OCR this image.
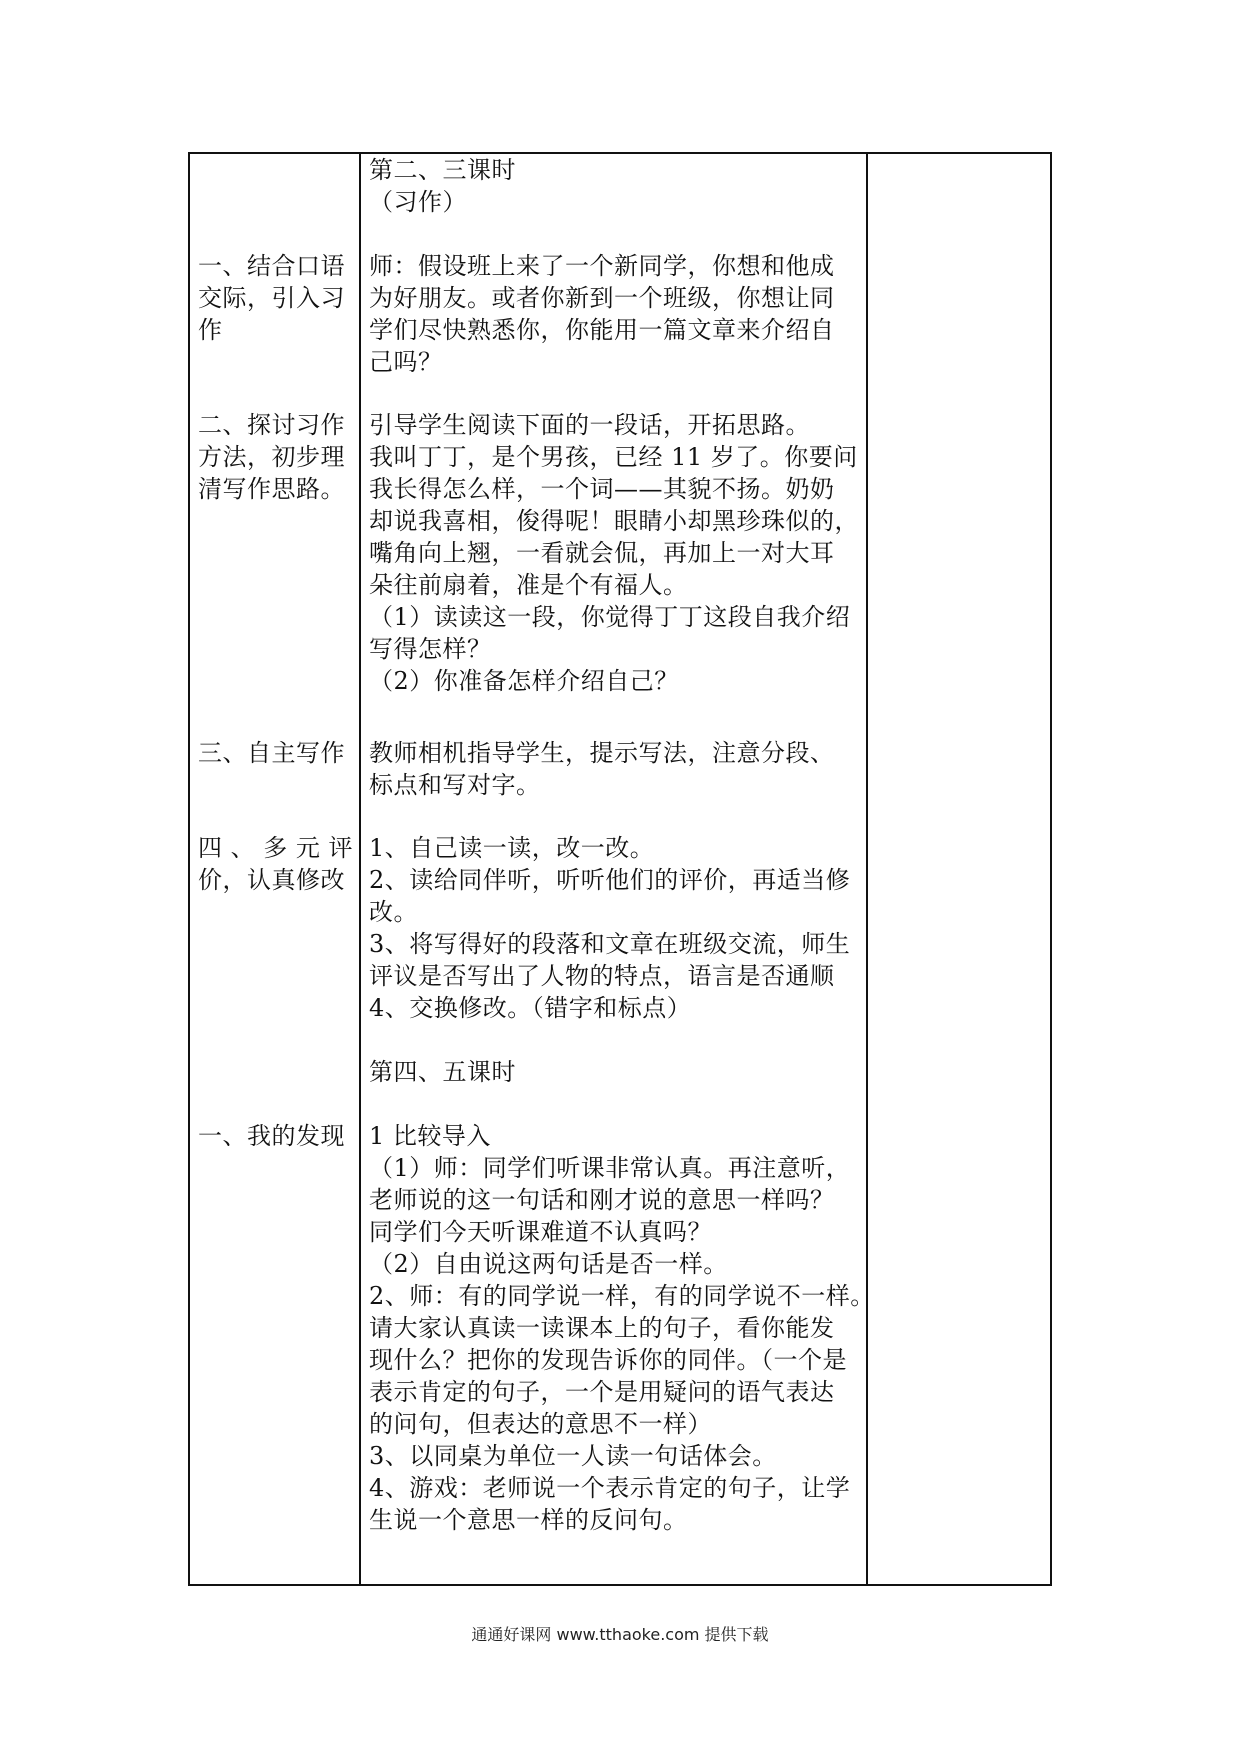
一、结合口语
交际，引入习
作
二、探讨习作
方法，初步理
清写作思路。
三、自主写作
四 、 多 元 评
价，认真修改
一、我的发现
第二、三课时
（习作）
师：假设班上来了一个新同学，你想和他成
为好朋友。或者你新到一个班级，你想让同
学们尽快熟悉你，你能用一篇文章来介绍自
己吗？
引导学生阅读下面的一段话，开拓思路。
我叫丁丁，是个男孩，已经 11 岁了。你要问
我长得怎么样，一个词——其貌不扬。奶奶
却说我喜相，俊得呢！眼睛小却黑珍珠似的，
嘴角向上翘，一看就会侃，再加上一对大耳
朵往前扇着，准是个有福人。
（1）读读这一段，你觉得丁丁这段自我介绍
写得怎样？
（2）你准备怎样介绍自己？
教师相机指导学生，提示写法，注意分段、
标点和写对字。
1、自己读一读，改一改。
2、读给同伴听，听听他们的评价，再适当修
改。
3、将写得好的段落和文章在班级交流，师生
评议是否写出了人物的特点，语言是否通顺
4、交换修改。（错字和标点）
第四、五课时
1 比较导入
（1）师：同学们听课非常认真。再注意听，
老师说的这一句话和刚才说的意思一样吗？
同学们今天听课难道不认真吗？
（2）自由说这两句话是否一样。
2、师：有的同学说一样，有的同学说不一样。
请大家认真读一读课本上的句子，看你能发
现什么？把你的发现告诉你的同伴。（一个是
表示肯定的句子，一个是用疑问的语气表达
的问句，但表达的意思不一样）
3、以同桌为单位一人读一句话体会。
4、游戏：老师说一个表示肯定的句子，让学
生说一个意思一样的反问句。
通通好课网 www.tthaoke.com 提供下载
